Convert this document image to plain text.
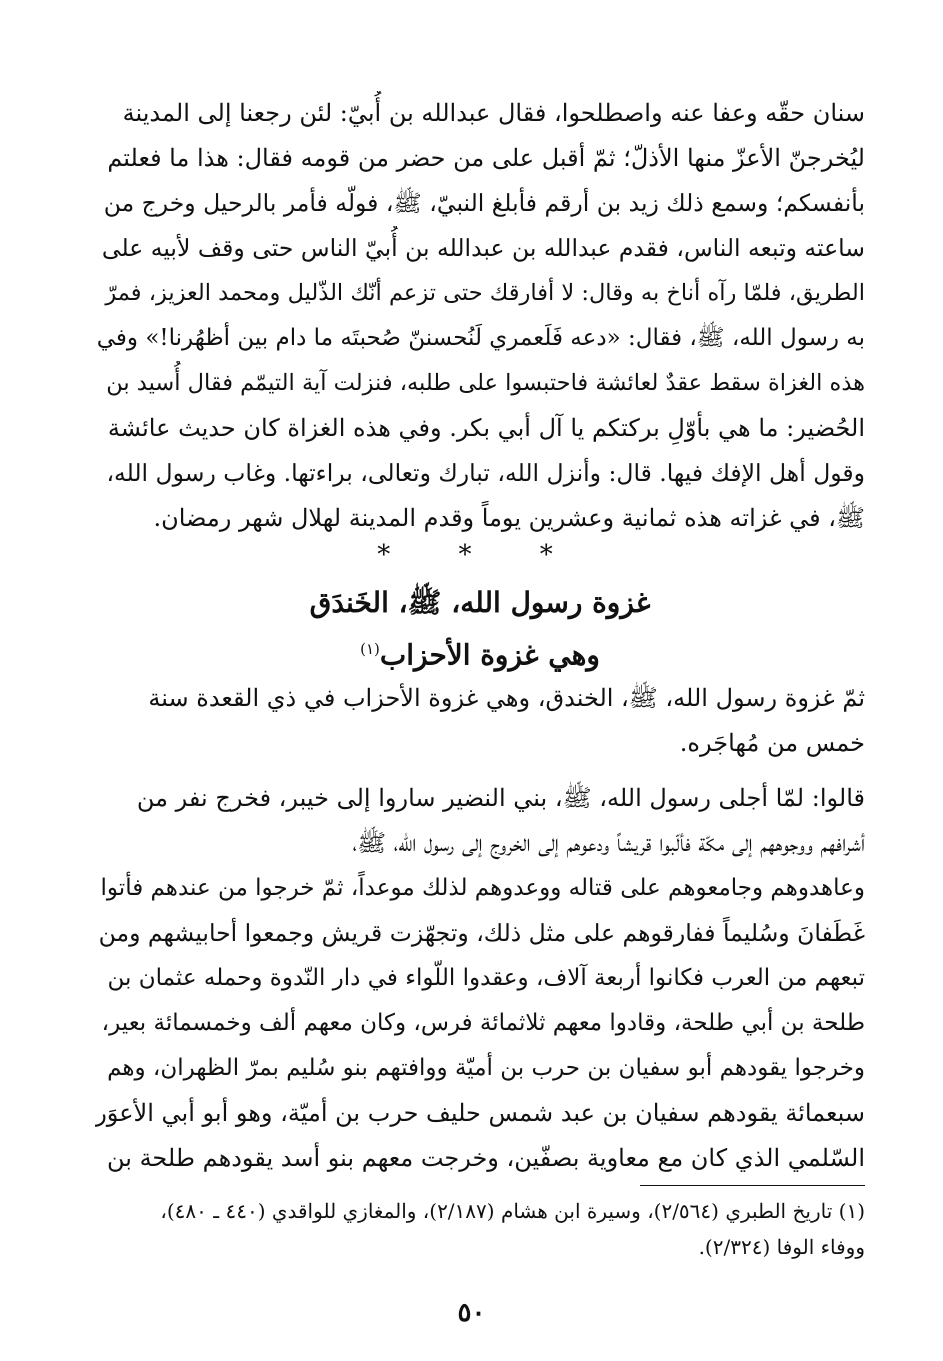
سنان حقّه وعفا عنه واصطلحوا، فقال عبدالله بن أُبيّ: لئن رجعنا إلى المدينة

ليُخرجنّ الأعزّ منها الأذلّ؛ ثمّ أقبل على من حضر من قومه فقال: هذا ما فعلتم

بأنفسكم؛ وسمع ذلك زيد بن أرقم فأبلغ النبيّ، ﷺ، فولّه فأمر بالرحيل وخرج من

ساعته وتبعه الناس، فقدم عبدالله بن عبدالله بن أُبيّ الناس حتى وقف لأبيه على

الطريق، فلمّا رآه أناخ به وقال: لا أفارقك حتى تزعم أنّك الذّليل ومحمد العزيز، فمرّ

به رسول الله، ﷺ، فقال: «دعه فَلَعمري لَنُحسننّ صُحبتَه ما دام بين أظهُرنا!» وفي

هذه الغزاة سقط عقدٌ لعائشة فاحتبسوا على طلبه، فنزلت آية التيمّم فقال أُسيد بن

الحُضير: ما هي بأوّلِ بركتكم يا آل أبي بكر. وفي هذه الغزاة كان حديث عائشة

وقول أهل الإفك فيها. قال: وأنزل الله، تبارك وتعالى، براءتها. وغاب رسول الله،

ﷺ، في غزاته هذه ثمانية وعشرين يوماً وقدم المدينة لهلال شهر رمضان.

* * *
غزوة رسول الله، ﷺ، الخَندَق
وهي غزوة الأحزاب$^{(١)}$

ثمّ غزوة رسول الله، ﷺ، الخندق، وهي غزوة الأحزاب في ذي القعدة سنة

خمس من مُهاجَره.

قالوا: لمّا أجلى رسول الله، ﷺ، بني النضير ساروا إلى خيبر، فخرج نفر من

أشرافهم ووجوههم إلى مكّة فألّبوا قريشاً ودعوهم إلى الخروج إلى رسول الله، ﷺ،

وعاهدوهم وجامعوهم على قتاله ووعدوهم لذلك موعداً، ثمّ خرجوا من عندهم فأتوا

غَطَفانَ وسُليماً ففارقوهم على مثل ذلك، وتجهّزت قريش وجمعوا أحابيشهم ومن

تبعهم من العرب فكانوا أربعة آلاف، وعقدوا اللّواء في دار النّدوة وحمله عثمان بن

طلحة بن أبي طلحة، وقادوا معهم ثلاثمائة فرس، وكان معهم ألف وخمسمائة بعير،

وخرجوا يقودهم أبو سفيان بن حرب بن أميّة ووافتهم بنو سُليم بمرّ الظهران، وهم

سبعمائة يقودهم سفيان بن عبد شمس حليف حرب بن أميّة، وهو أبو أبي الأعوَر

السّلمي الذي كان مع معاوية بصفّين، وخرجت معهم بنو أسد يقودهم طلحة بن

(١) تاريخ الطبري (٢/٥٦٤)، وسيرة ابن هشام (٢/١٨٧)، والمغازي للواقدي (٤٤٠ ـ ٤٨٠)،

ووفاء الوفا (٢/٣٢٤).

٥٠
